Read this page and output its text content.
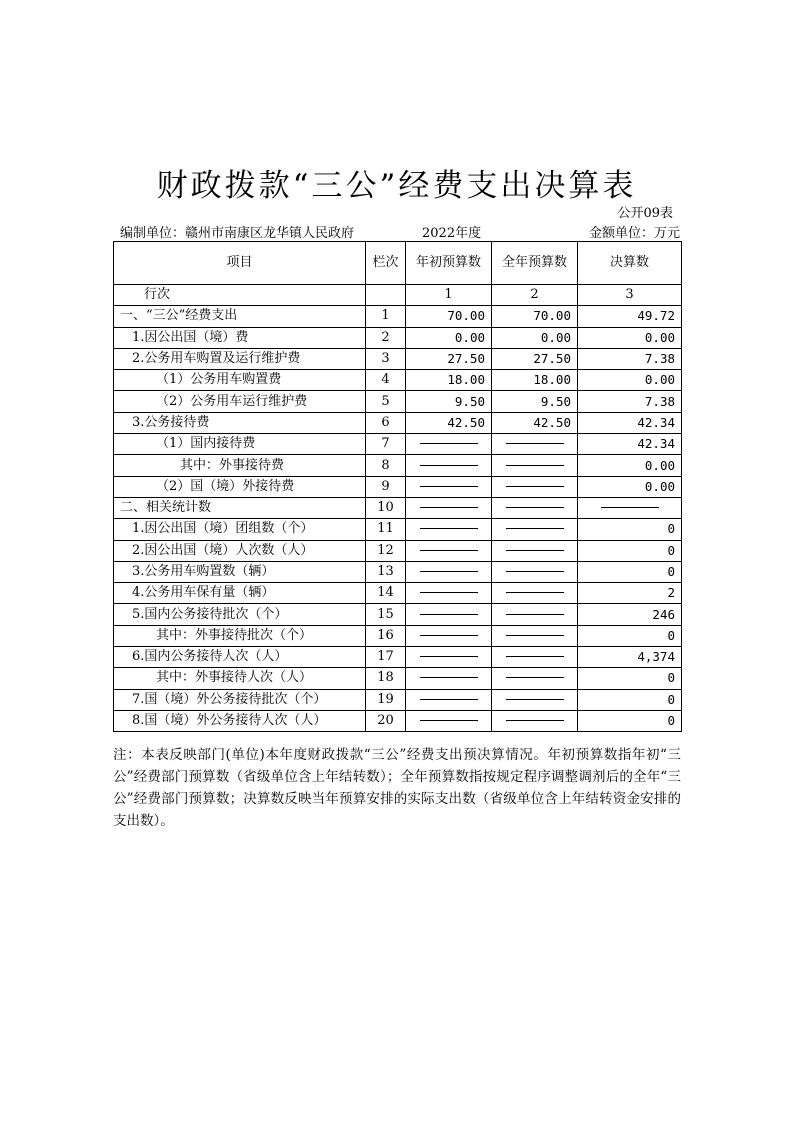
财政拨款“三公”经费支出决算表
公开09表
编制单位：赣州市南康区龙华镇人民政府	2022年度	金额单位：万元
项目	栏次	年初预算数	全年预算数	决算数
行次		1	2	3
一、“三公”经费支出	1	70.00	70.00	49.72
1.因公出国（境）费	2	0.00	0.00	0.00
2.公务用车购置及运行维护费	3	27.50	27.50	7.38
（1）公务用车购置费	4	18.00	18.00	0.00
（2）公务用车运行维护费	5	9.50	9.50	7.38
3.公务接待费	6	42.50	42.50	42.34
（1）国内接待费	7			42.34
其中：外事接待费	8			0.00
（2）国（境）外接待费	9			0.00
二、相关统计数	10			
1.因公出国（境）团组数（个）	11			0
2.因公出国（境）人次数（人）	12			0
3.公务用车购置数（辆）	13			0
4.公务用车保有量（辆）	14			2
5.国内公务接待批次（个）	15			246
其中：外事接待批次（个）	16			0
6.国内公务接待人次（人）	17			4,374
其中：外事接待人次（人）	18			0
7.国（境）外公务接待批次（个）	19			0
8.国（境）外公务接待人次（人）	20			0
注：本表反映部门(单位)本年度财政拨款“三公”经费支出预决算情况。年初预算数指年初“三公”经费部门预算数（省级单位含上年结转数）；全年预算数指按规定程序调整调剂后的全年“三公”经费部门预算数；决算数反映当年预算安排的实际支出数（省级单位含上年结转资金安排的支出数）。
